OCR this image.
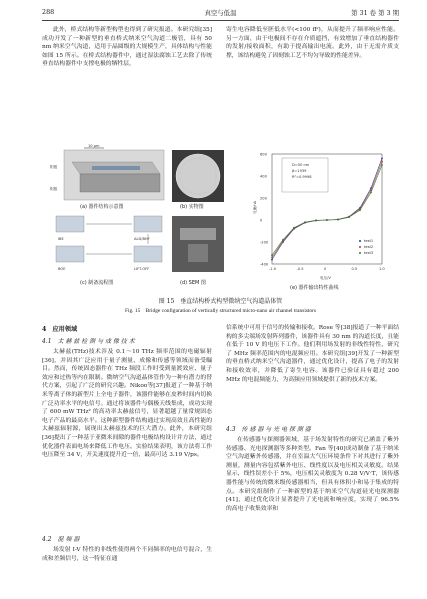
288	真空与低温	第 31 卷 第 3 期

此外，桥式结构等新型构型也得到了研究报道。本研究组[35]成功开发了一种新型的垂直桥式纳米空气沟道二极管，具有 50 nm 纳米空气沟道，适用于晶圆级的大规模生产，具体结构与性能如图 15 所示。在桥式结构器件中，通过湿法腐蚀工艺去除了传统垂直结构器件中支撑电极的牺牲层，

寄生电容降低至胚低水平(<100 fF)，从而提升了频率响应性能。另一方面，由于电极间不存在介质遮挡，有效增加了垂直结构器件的发射/接收面积，有助于提高输出电流。此外，由于无需介质支撑，该结构避免了因刻蚀工艺不均匀导致的性能差异。

10 μm
阳极
阴极
(a) 器件结构示意图	(b) 实物图
IBE	ALD/BHF
BOE	LIFT-OFF
(c) 制备流程图	(d) SEM 图
-1.0	-0.5	0	0.5	1.0
600
400
200
0
-200
-400
test1
test2
test3
D=50 nm
β=1939
R²=0.9998
电压/V
电流/nA
(e) 器件输出特性曲线
图 15　垂直结构桥式构型微纳空气沟道晶体管
Fig. 15　Bridge configuration of vertically structured micro-nano air channel transistors
4　应用领域
4.1　太 赫 兹 检 测 与 成 像 技 术

太赫兹(THz)技术涉及 0.1～10 THz 频率范围的电磁辐射[36]，并因其广泛应用于量子测量、成像和传感等领域而备受瞩目。然而，传统固态器件在 THz 频段工作时受到量渡效应、量子效应和过热等内在限制。微纳空气沟道晶体管作为一种有潜力的替代方案，引起了广泛的研究兴趣。Nikoo等[37]报道了一种基于纳米等离子体的新型片上全电子器件，该器件能够在皮秒时间内切换广泛功率水平的电信号。通过将该器件与偶极天线集成，成功实现了 600 mW THz² 的高功率太赫兹信号，显著超越了量常规固态电子产品的最高水平。这种新型器件结构通过实现高效且高性能的太赫兹辐射源，展现出太赫兹技术的巨大潜力。此外，本研究组[36]提出了一种基于亚微米间隙的器件电极结构设计并方法，通过优化器件表面电场来降低工作电压。实验结果表明，该方法将工作电压降至 34 V，开关速度提升近一倍，最高可达 3.19 V/ps。

4.2　混 频 器

场发射 I-V 特性的非线性使得两个不同频率的电信号混合，生成和差频信号，这一特征在通

信系统中可用于信号的传输和接收。Rose 等[38]报道了一种平面结构的多尖端场发射阵列器件，该器件具有 30 nm 的沟道长度，且能在低于 10 V 的电压下工作。他们利用场发射的非线性特性，研究了 MHz 频率范围内的电混频应用。本研究组[39]开发了一种新型的垂直桥式纳米空气沟道器件，通过优化设计，提高了电子的发射和接收效率，并降低了寄生电容。该器件已验证具有超过 200 MHz 的电混频能力，为高频应用领域提供了新的技术方案。

4.3　传 感 器 与 光 电 探 测 器

在传感器与探测器领域，基于场发射特性的研究已涵盖了紫外传感器、光电探测器等多种类型。Fan 等[40]成功制备了基于纳米空气沟道紫外传感器，并在室温大气压环境条件下对其进行了紫外测量，测量内容包括紫外电压、线性度以及电压相关灵敏度。结果显示，线性误差小于 5%，电压相关灵敏度为 0.28 V/V·T，该传感器性能与传统的微米级传感器相当，但具有体积小和易于集成的特点。本研究组制作了一种新型的基于纳米空气沟道硅光电探测器[41]，通过优化设计显著提升了光电流和响应度，实现了 96.5% 的高电子收集效率和
